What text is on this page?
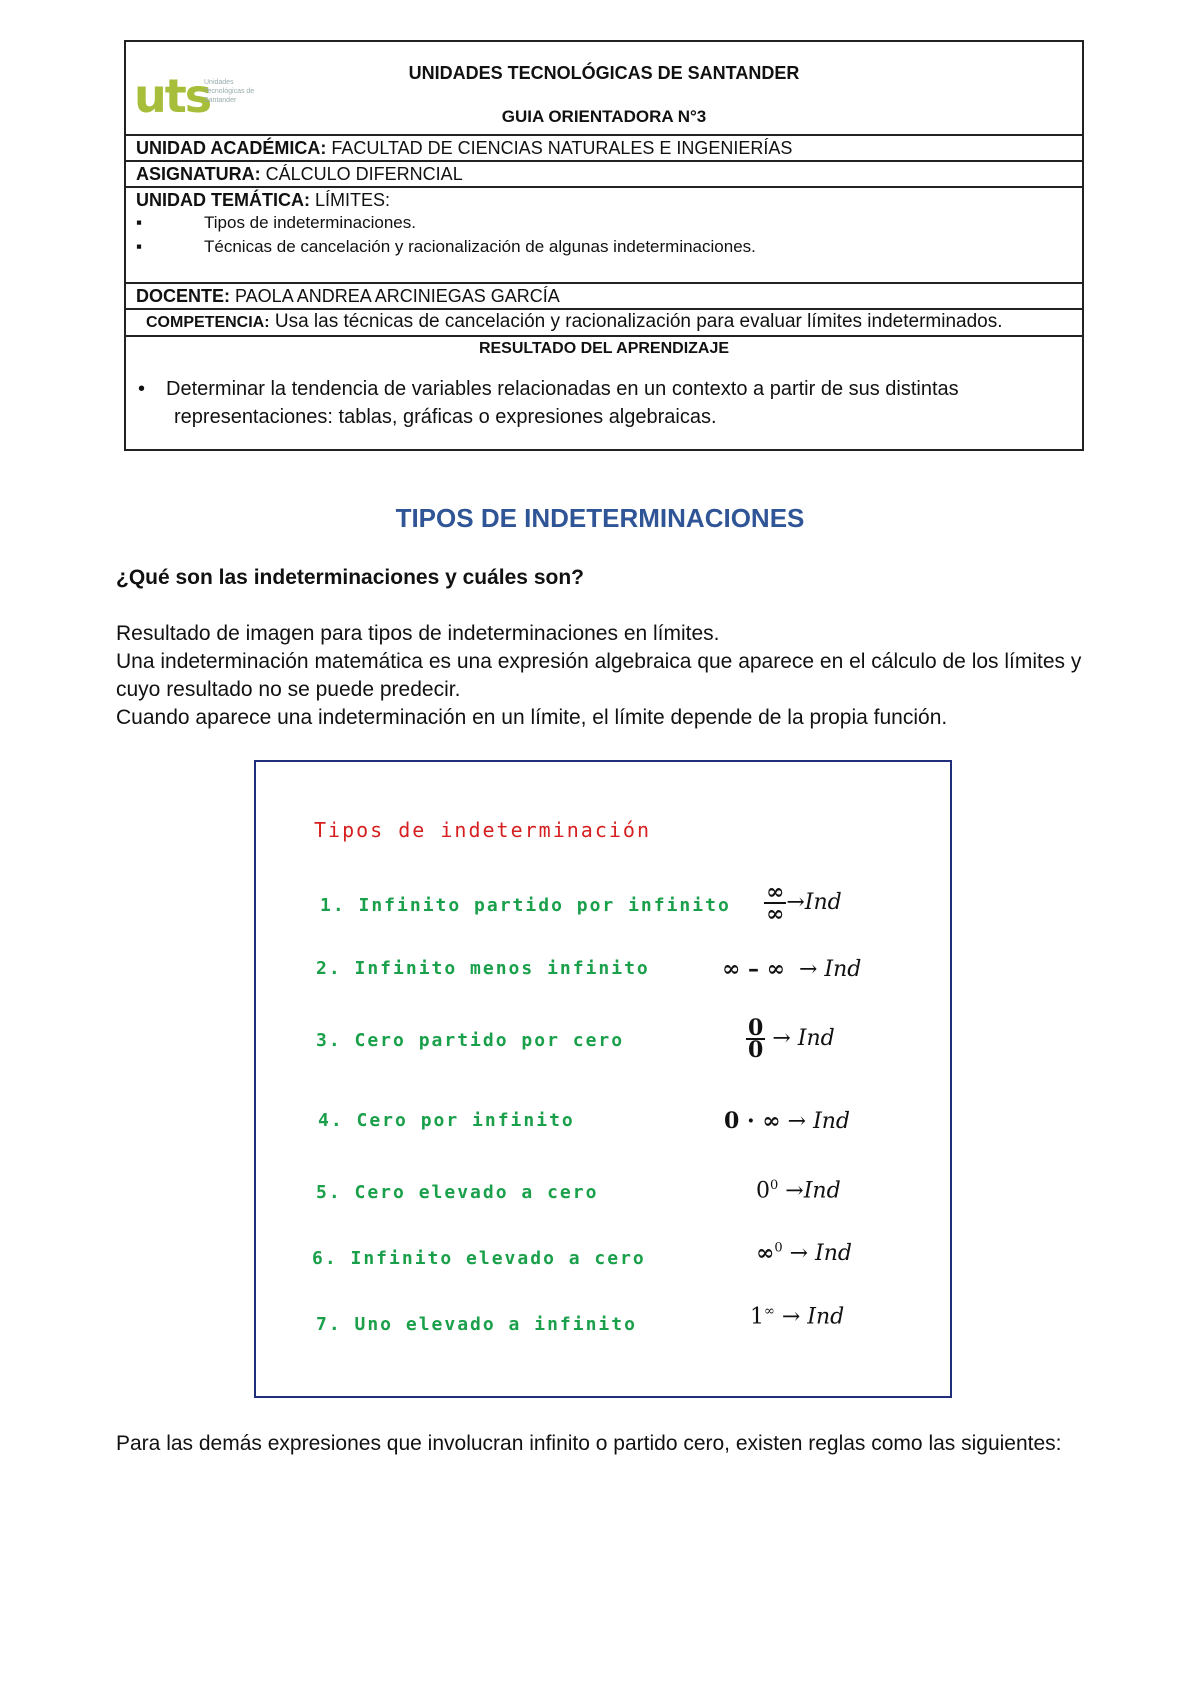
uts
Unidades Tecnológicas de Santander
UNIDADES TECNOLÓGICAS DE SANTANDER
GUIA ORIENTADORA N°3
UNIDAD ACADÉMICA: FACULTAD DE CIENCIAS NATURALES E INGENIERÍAS
ASIGNATURA: CÁLCULO DIFERNCIAL
UNIDAD TEMÁTICA: LÍMITES:
▪	Tipos de indeterminaciones.
▪	Técnicas de cancelación y racionalización de algunas indeterminaciones.
DOCENTE: PAOLA ANDREA ARCINIEGAS GARCÍA
COMPETENCIA: Usa las técnicas de cancelación y racionalización para evaluar límites indeterminados.
RESULTADO DEL APRENDIZAJE
• Determinar la tendencia de variables relacionadas en un contexto a partir de sus distintas
representaciones: tablas, gráficas o expresiones algebraicas.
TIPOS DE INDETERMINACIONES
¿Qué son las indeterminaciones y cuáles son?

Resultado de imagen para tipos de indeterminaciones en límites.

Una indeterminación matemática es una expresión algebraica que aparece en el cálculo de los límites y cuyo resultado no se puede predecir.

Cuando aparece una indeterminación en un límite, el límite depende de la propia función.

Tipos de indeterminación
1. Infinito partido por infinito $\frac{\infty}{\infty} \to Ind$
2. Infinito menos infinito	∞ – ∞ → Ind
3. Cero partido por cero	$\frac{0}{0}$ → Ind
4. Cero por infinito	0 · ∞ → Ind
5. Cero elevado a cero	$0^0 \to Ind$
6. Infinito elevado a cero	∞$^0$ → Ind
7. Uno elevado a infinito	1∞ → Ind
Para las demás expresiones que involucran infinito o partido cero, existen reglas como las siguientes:
